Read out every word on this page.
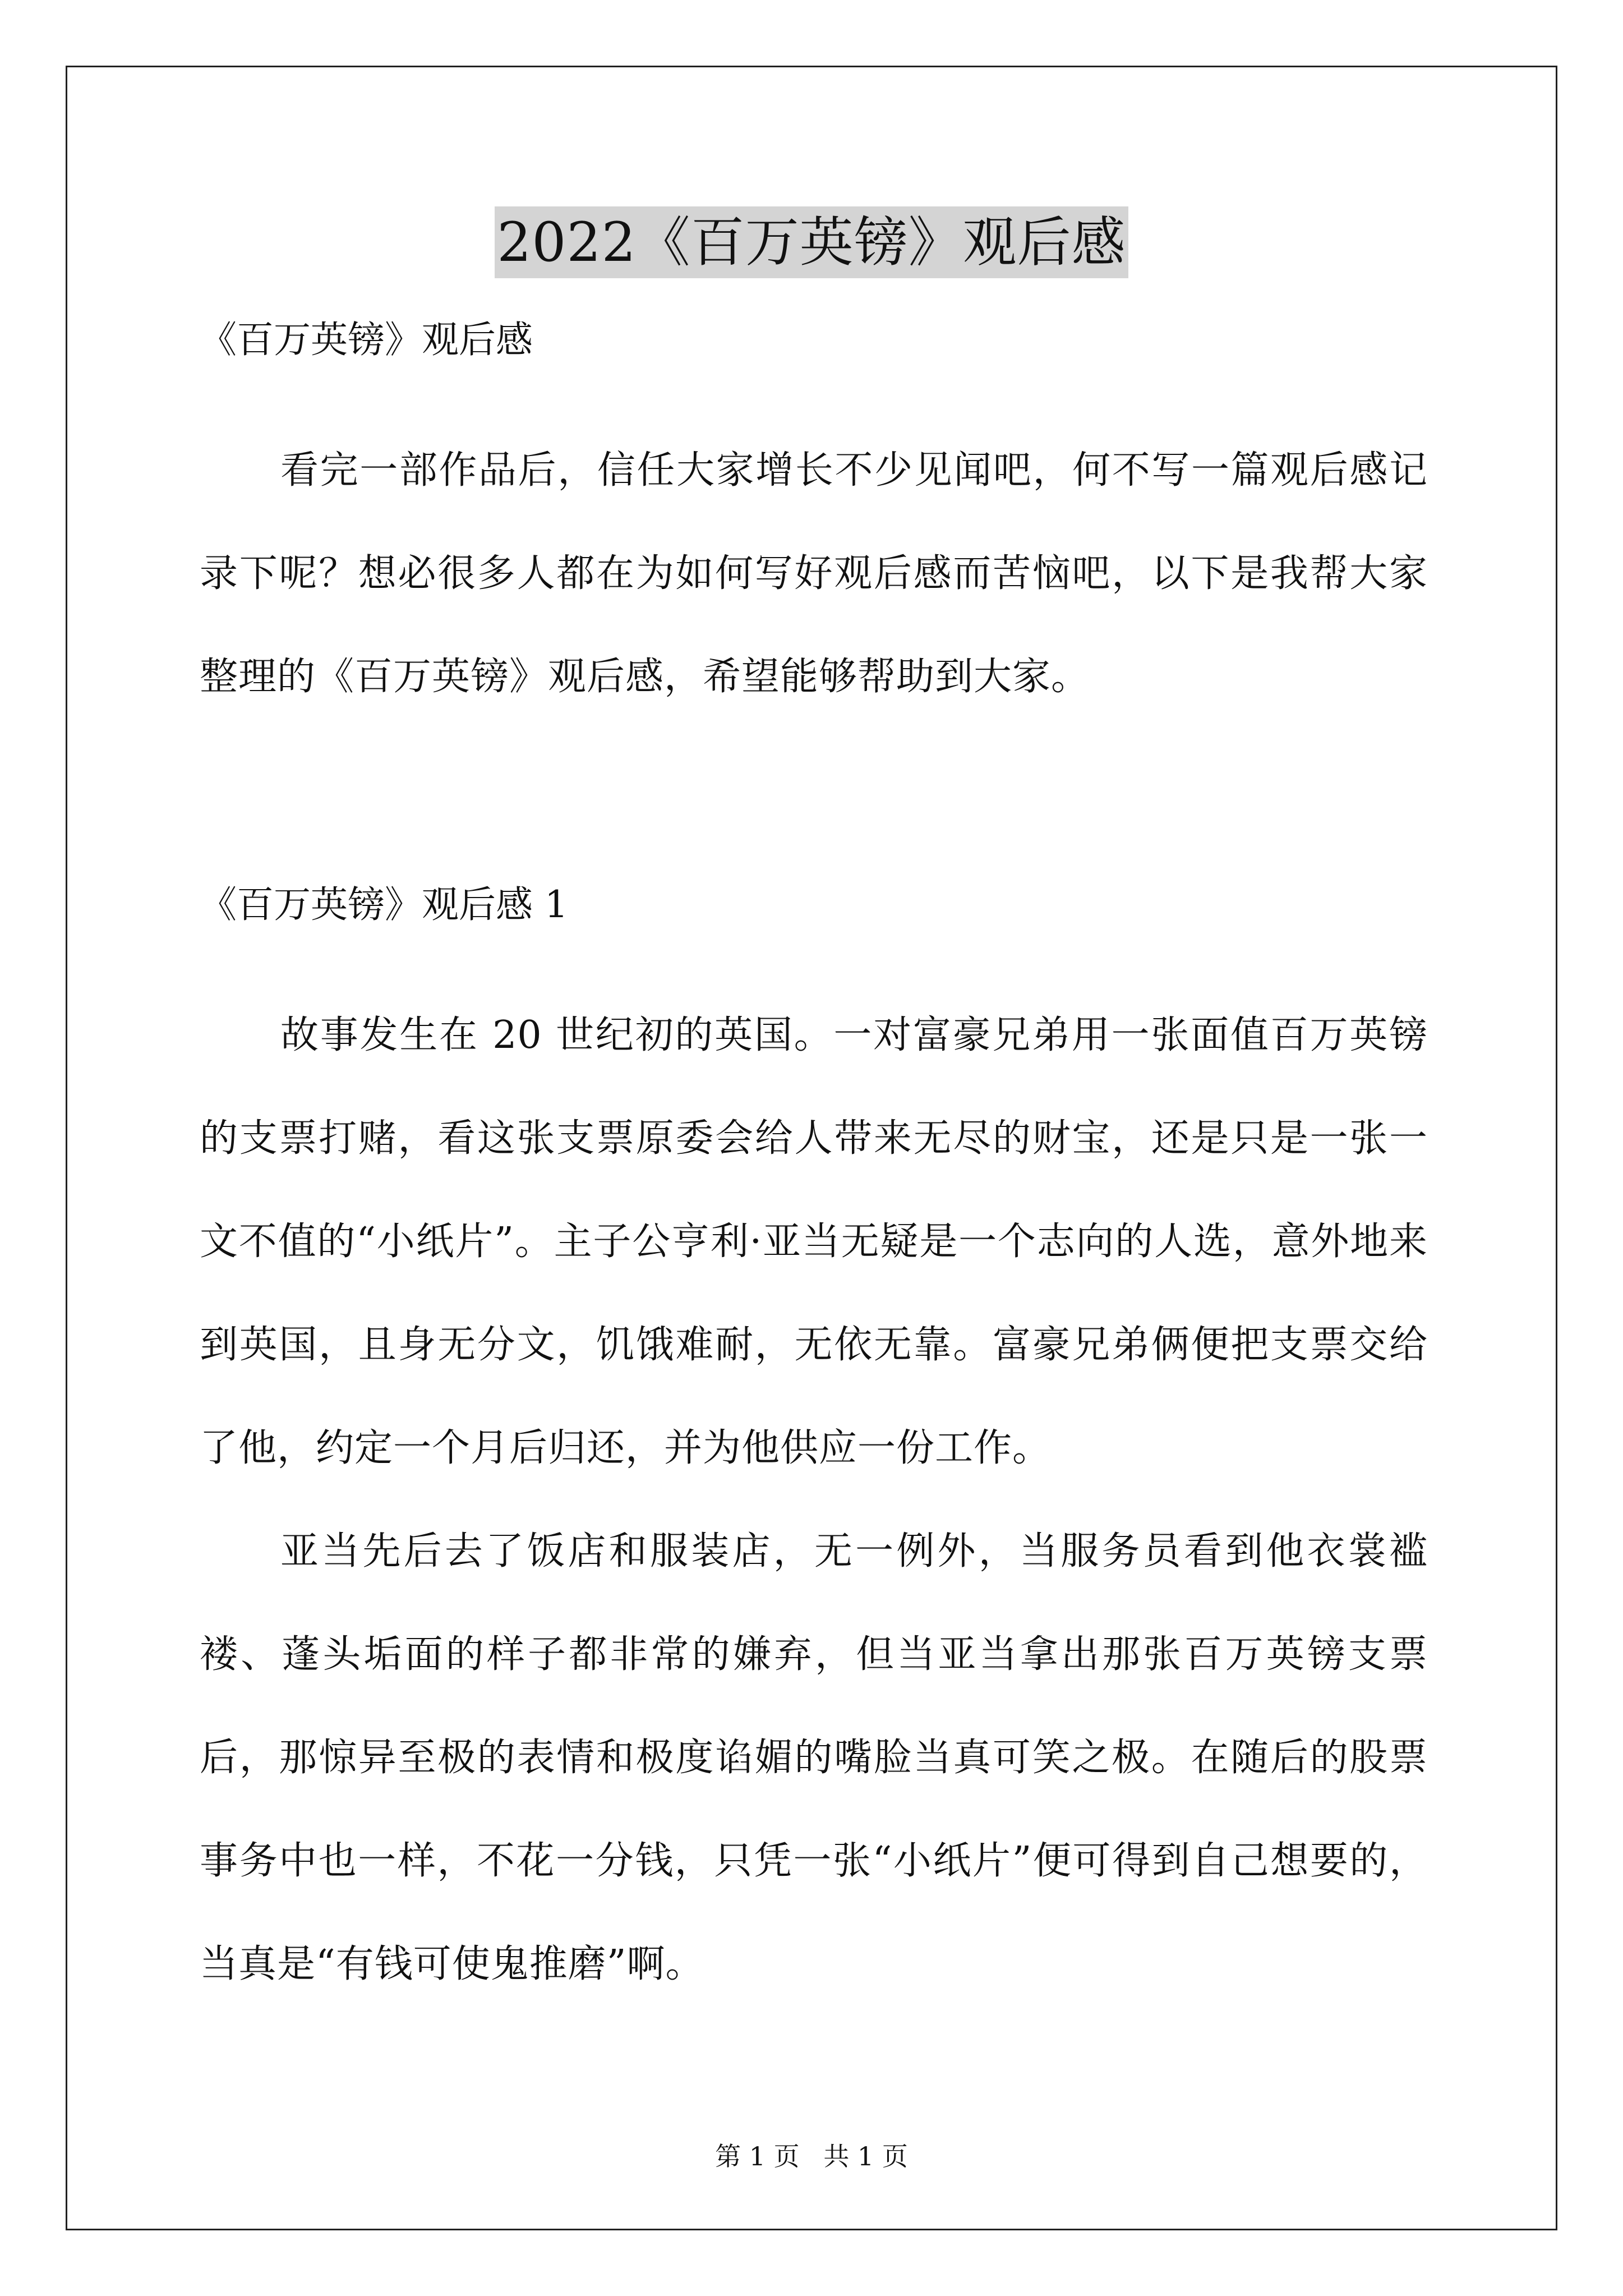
2022《百万英镑》观后感

《百万英镑》观后感

看完一部作品后，信任大家增长不少见闻吧，何不写一篇观后感记录下呢？想必很多人都在为如何写好观后感而苦恼吧，以下是我帮大家整理的《百万英镑》观后感，希望能够帮助到大家。

《百万英镑》观后感 1

故事发生在 20 世纪初的英国。一对富豪兄弟用一张面值百万英镑的支票打赌，看这张支票原委会给人带来无尽的财宝，还是只是一张一文不值的“小纸片”。主子公亨利·亚当无疑是一个志向的人选，意外地来到英国，且身无分文，饥饿难耐，无依无靠。富豪兄弟俩便把支票交给了他，约定一个月后归还，并为他供应一份工作。

亚当先后去了饭店和服装店，无一例外，当服务员看到他衣裳褴褛、蓬头垢面的样子都非常的嫌弃，但当亚当拿出那张百万英镑支票后，那惊异至极的表情和极度谄媚的嘴脸当真可笑之极。在随后的股票事务中也一样，不花一分钱，只凭一张“小纸片”便可得到自己想要的，当真是“有钱可使鬼推磨”啊。

第 1 页 共 1 页
